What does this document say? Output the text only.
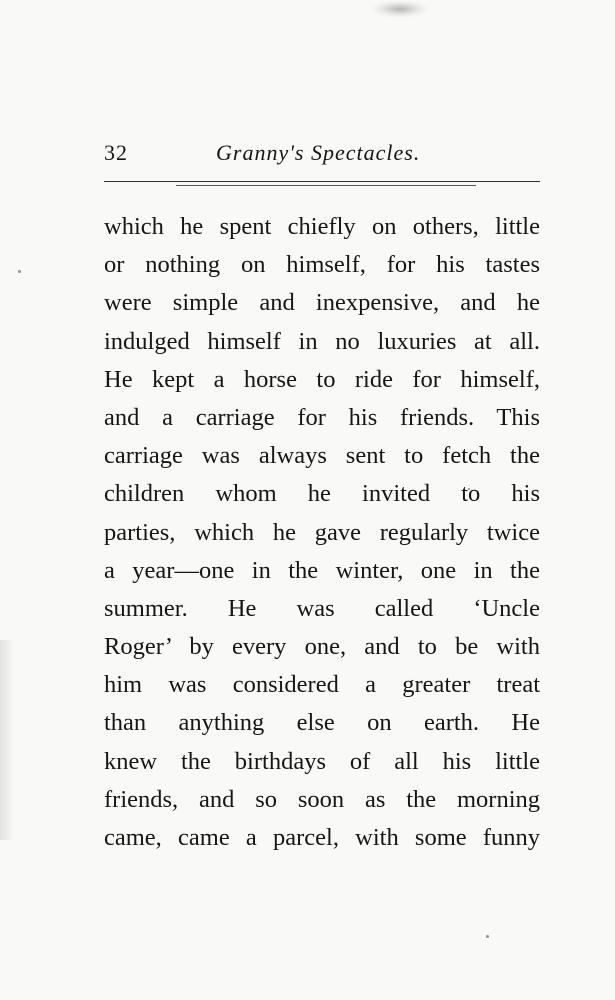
32	Granny's Spectacles.
which he spent chiefly on others, little
or nothing on himself, for his tastes
were simple and inexpensive, and he
indulged himself in no luxuries at all.
He kept a horse to ride for himself,
and a carriage for his friends. This
carriage was always sent to fetch the
children whom he invited to his
parties, which he gave regularly twice
a year—one in the winter, one in the
summer. He was called ‘Uncle
Roger’ by every one, and to be with
him was considered a greater treat
than anything else on earth. He
knew the birthdays of all his little
friends, and so soon as the morning
came, came a parcel, with some funny
